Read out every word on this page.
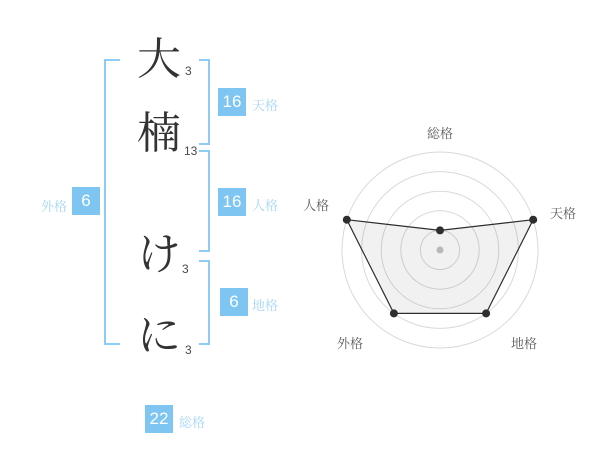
大
楠
け
に
3
13
3
3
16
16
6
6
22
天格
人格
地格
外格
総格
総格
天格
地格
外格
人格
